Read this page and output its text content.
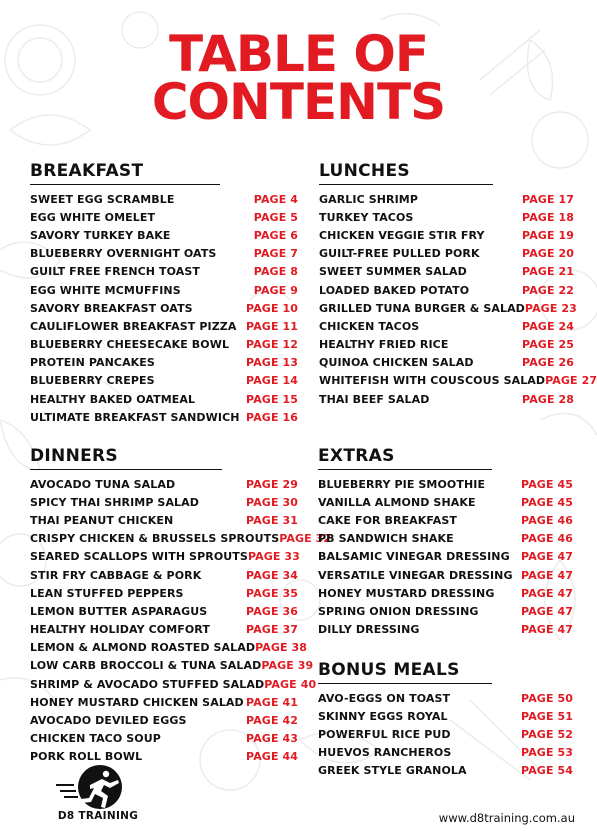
TABLE OF
CONTENTS
BREAKFAST
SWEET EGG SCRAMBLE	PAGE 4
EGG WHITE OMELET	PAGE 5
SAVORY TURKEY BAKE	PAGE 6
BLUEBERRY OVERNIGHT OATS	PAGE 7
GUILT FREE FRENCH TOAST	PAGE 8
EGG WHITE MCMUFFINS	PAGE 9
SAVORY BREAKFAST OATS	PAGE 10
CAULIFLOWER BREAKFAST PIZZA PAGE 11
BLUEBERRY CHEESECAKE BOWL PAGE 12
PROTEIN PANCAKES	PAGE 13
BLUEBERRY CREPES	PAGE 14
HEALTHY BAKED OATMEAL	PAGE 15
ULTIMATE BREAKFAST SANDWICH PAGE 16
LUNCHES
GARLIC SHRIMP	PAGE 17
TURKEY TACOS	PAGE 18
CHICKEN VEGGIE STIR FRY	PAGE 19
GUILT-FREE PULLED PORK	PAGE 20
SWEET SUMMER SALAD	PAGE 21
LOADED BAKED POTATO	PAGE 22
GRILLED TUNA BURGER & SALAD PAGE 23
CHICKEN TACOS	PAGE 24
HEALTHY FRIED RICE	PAGE 25
QUINOA CHICKEN SALAD	PAGE 26
WHITEFISH WITH COUSCOUS SALAD PAGE 27
THAI BEEF SALAD	PAGE 28
DINNERS
AVOCADO TUNA SALAD	PAGE 29
SPICY THAI SHRIMP SALAD	PAGE 30
THAI PEANUT CHICKEN	PAGE 31
CRISPY CHICKEN & BRUSSELS SPROUTS PAGE 32
SEARED SCALLOPS WITH SPROUTS PAGE 33
STIR FRY CABBAGE & PORK	PAGE 34
LEAN STUFFED PEPPERS	PAGE 35
LEMON BUTTER ASPARAGUS	PAGE 36
HEALTHY HOLIDAY COMFORT	PAGE 37
LEMON & ALMOND ROASTED SALAD PAGE 38
LOW CARB BROCCOLI & TUNA SALAD PAGE 39
SHRIMP & AVOCADO STUFFED SALAD PAGE 40
HONEY MUSTARD CHICKEN SALAD PAGE 41
AVOCADO DEVILED EGGS	PAGE 42
CHICKEN TACO SOUP	PAGE 43
PORK ROLL BOWL	PAGE 44
EXTRAS
BLUEBERRY PIE SMOOTHIE	PAGE 45
VANILLA ALMOND SHAKE	PAGE 45
CAKE FOR BREAKFAST	PAGE 46
PB SANDWICH SHAKE	PAGE 46
BALSAMIC VINEGAR DRESSING PAGE 47
VERSATILE VINEGAR DRESSING PAGE 47
HONEY MUSTARD DRESSING PAGE 47
SPRING ONION DRESSING	PAGE 47
DILLY DRESSING	PAGE 47
BONUS MEALS
AVO-EGGS ON TOAST	PAGE 50
SKINNY EGGS ROYAL	PAGE 51
POWERFUL RICE PUD	PAGE 52
HUEVOS RANCHEROS	PAGE 53
GREEK STYLE GRANOLA	PAGE 54
D8 TRAINING	www.d8training.com.au
